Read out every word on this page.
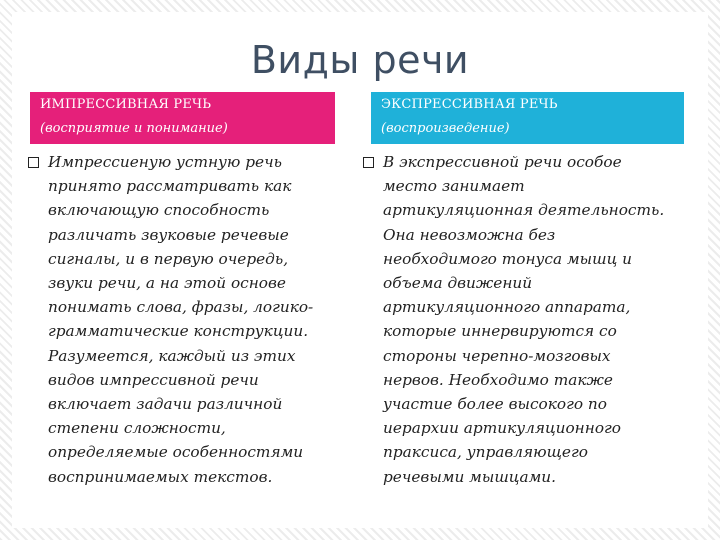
Виды речи
ИМПРЕССИВНАЯ РЕЧЬ
(восприятие и понимание)
ЭКСПРЕССИВНАЯ РЕЧЬ
(воспроизведение)
Импрессиеную устную речь
принято рассматривать как
включающую способность
различать звуковые речевые
сигналы, и в первую очередь,
звуки речи, а на этой основе
понимать слова, фразы, логико-
грамматические конструкции.
Разумеется, каждый из этих
видов импрессивной речи
включает задачи различной
степени сложности,
определяемые особенностями
воспринимаемых текстов.
В экспрессивной речи особое
место занимает
артикуляционная деятельность.
Она невозможна без
необходимого тонуса мышц и
объема движений
артикуляционного аппарата,
которые иннервируются со
стороны черепно-мозговых
нервов. Необходимо также
участие более высокого по
иерархии артикуляционного
праксиса, управляющего
речевыми мышцами.
